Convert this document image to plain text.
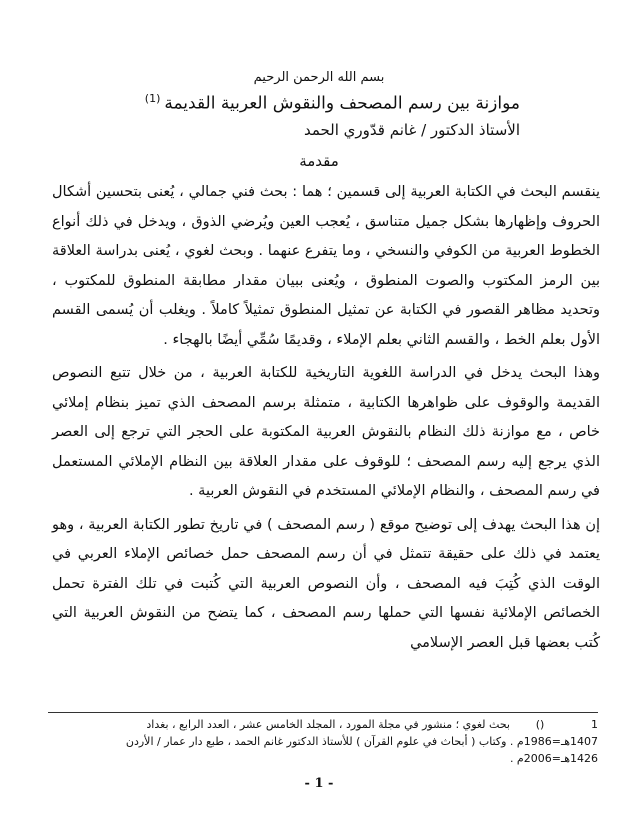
بسم الله الرحمن الرحيم
موازنة بين رسم المصحف والنقوش العربية القديمة$^{(1)}$
الأستاذ الدكتور / غانم قدّوري الحمد
مقدمة

ينقسم البحث في الكتابة العربية إلى قسمين ؛ هما : بحث فني جمالي ، يُعنى بتحسين أشكال الحروف وإظهارها بشكل جميل متناسق ، يُعجب العين ويُرضي الذوق ، ويدخل في ذلك أنواع الخطوط العربية من الكوفي والنسخي ، وما يتفرع عنهما . وبحث لغوي ، يُعنى بدراسة العلاقة بين الرمز المكتوب والصوت المنطوق ، ويُعنى ببيان مقدار مطابقة المنطوق للمكتوب ، وتحديد مظاهر القصور في الكتابة عن تمثيل المنطوق تمثيلاً كاملاً . ويغلب أن يُسمى القسم الأول بعلم الخط ، والقسم الثاني بعلم الإملاء ، وقديمًا سُمِّي أيضًا بالهجاء .

وهذا البحث يدخل في الدراسة اللغوية التاريخية للكتابة العربية ، من خلال تتبع النصوص القديمة والوقوف على ظواهرها الكتابية ، متمثلة برسم المصحف الذي تميز بنظام إملائي خاص ، مع موازنة ذلك النظام بالنقوش العربية المكتوبة على الحجر التي ترجع إلى العصر الذي يرجع إليه رسم المصحف ؛ للوقوف على مقدار العلاقة بين النظام الإملائي المستعمل في رسم المصحف ، والنظام الإملائي المستخدم في النقوش العربية .

إن هذا البحث يهدف إلى توضيح موقع ( رسم المصحف ) في تاريخ تطور الكتابة العربية ، وهو يعتمد في ذلك على حقيقة تتمثل في أن رسم المصحف حمل خصائص الإملاء العربي في الوقت الذي كُتِبَ فيه المصحف ، وأن النصوص العربية التي كُتبت في تلك الفترة تحمل الخصائص الإملائية نفسها التي حملها رسم المصحف ، كما يتضح من النقوش العربية التي كُتب بعضها قبل العصر الإسلامي

1()بحث لغوي ؛ منشور في مجلة المورد ، المجلد الخامس عشر ، العدد الرابع ، بغداد
1407هـ=1986م . وكتاب ( أبحاث في علوم القرآن ) للأستاذ الدكتور غانم الحمد ، طبع دار عمار / الأردن
1426هـ=2006م .
- 1 -
